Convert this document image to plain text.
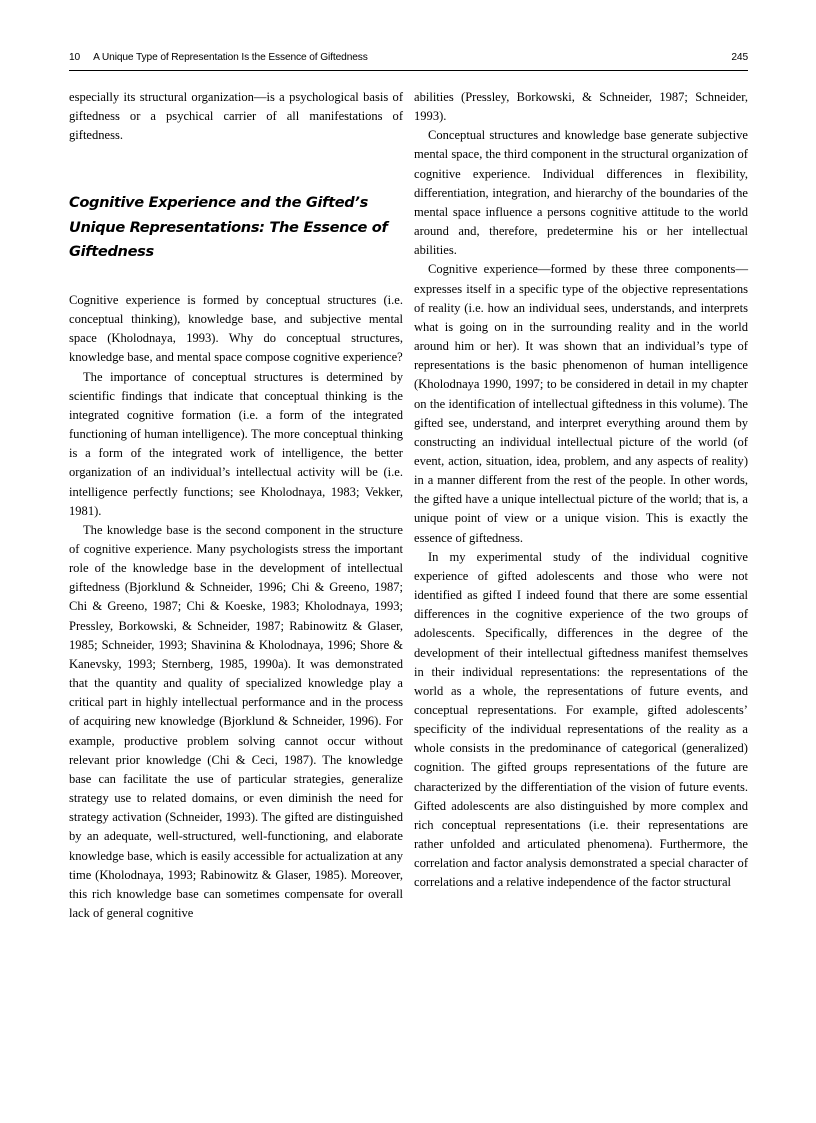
10 A Unique Type of Representation Is the Essence of Giftedness	245

especially its structural organization—is a psychological basis of giftedness or a psychical carrier of all manifestations of giftedness.

Cognitive Experience and the Gifted’s Unique Representations: The Essence of Giftedness

Cognitive experience is formed by conceptual structures (i.e. conceptual thinking), knowledge base, and subjective mental space (Kholodnaya, 1993). Why do conceptual structures, knowledge base, and mental space compose cognitive experience?

The importance of conceptual structures is determined by scientific findings that indicate that conceptual thinking is the integrated cognitive formation (i.e. a form of the integrated functioning of human intelligence). The more conceptual thinking is a form of the integrated work of intelligence, the better organization of an individual’s intellectual activity will be (i.e. intelligence perfectly functions; see Kholodnaya, 1983; Vekker, 1981).

The knowledge base is the second component in the structure of cognitive experience. Many psychologists stress the important role of the knowledge base in the development of intellectual giftedness (Bjorklund & Schneider, 1996; Chi & Greeno, 1987; Chi & Greeno, 1987; Chi & Koeske, 1983; Kholodnaya, 1993; Pressley, Borkowski, & Schneider, 1987; Rabinowitz & Glaser, 1985; Schneider, 1993; Shavinina & Kholodnaya, 1996; Shore & Kanevsky, 1993; Sternberg, 1985, 1990a). It was demonstrated that the quantity and quality of specialized knowledge play a critical part in highly intellectual performance and in the process of acquiring new knowledge (Bjorklund & Schneider, 1996). For example, productive problem solving cannot occur without relevant prior knowledge (Chi & Ceci, 1987). The knowledge base can facilitate the use of particular strategies, generalize strategy use to related domains, or even diminish the need for strategy activation (Schneider, 1993). The gifted are distinguished by an adequate, well-structured, well-functioning, and elaborate knowledge base, which is easily accessible for actualization at any time (Kholodnaya, 1993; Rabinowitz & Glaser, 1985). Moreover, this rich knowledge base can sometimes compensate for overall lack of general cognitive

abilities (Pressley, Borkowski, & Schneider, 1987; Schneider, 1993).

Conceptual structures and knowledge base generate subjective mental space, the third component in the structural organization of cognitive experience. Individual differences in flexibility, differentiation, integration, and hierarchy of the boundaries of the mental space influence a persons cognitive attitude to the world around and, therefore, predetermine his or her intellectual abilities.

Cognitive experience—formed by these three components—expresses itself in a specific type of the objective representations of reality (i.e. how an individual sees, understands, and interprets what is going on in the surrounding reality and in the world around him or her). It was shown that an individual’s type of representations is the basic phenomenon of human intelligence (Kholodnaya 1990, 1997; to be considered in detail in my chapter on the identification of intellectual giftedness in this volume). The gifted see, understand, and interpret everything around them by constructing an individual intellectual picture of the world (of event, action, situation, idea, problem, and any aspects of reality) in a manner different from the rest of the people. In other words, the gifted have a unique intellectual picture of the world; that is, a unique point of view or a unique vision. This is exactly the essence of giftedness.

In my experimental study of the individual cognitive experience of gifted adolescents and those who were not identified as gifted I indeed found that there are some essential differences in the cognitive experience of the two groups of adolescents. Specifically, differences in the degree of the development of their intellectual giftedness manifest themselves in their individual representations: the representations of the world as a whole, the representations of future events, and conceptual representations. For example, gifted adolescents’ specificity of the individual representations of the reality as a whole consists in the predominance of categorical (generalized) cognition. The gifted groups representations of the future are characterized by the differentiation of the vision of future events. Gifted adolescents are also distinguished by more complex and rich conceptual representations (i.e. their representations are rather unfolded and articulated phenomena). Furthermore, the correlation and factor analysis demonstrated a special character of correlations and a relative independence of the factor structural
